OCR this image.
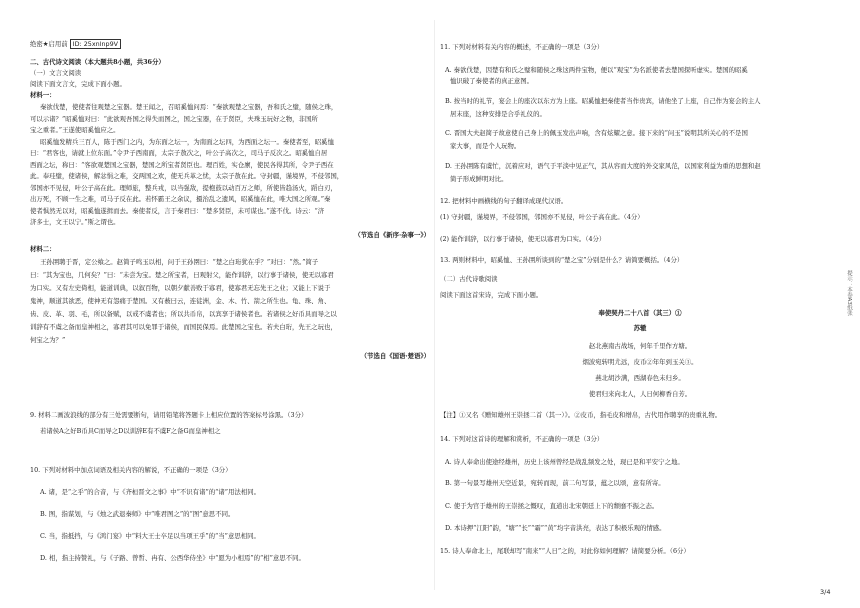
绝密★启用前 ID: 25xnlnp9V
二、古代诗文阅读（本大题共8小题，共36分）
（一）文言文阅读
阅读下面文言文，完成下面小题。
材料一：
秦欲伐楚，使使者往观楚之宝器。楚王闻之，召昭奚恤问焉：“秦欲观楚之宝器，吾和氏之璧，随侯之珠，
可以示诸？”昭奚恤对曰：“此欲观吾国之得失而图之，国之宝器，在于贤臣，夫珠玉玩好之物，非国所
宝之重者。”王遂使昭奚恤应之。
昭奚恤发精兵三百人，陈于西门之内，为东面之坛一，为南面之坛四，为西面之坛一。秦使者至，昭奚恤
曰：“君客也，请就上位东面。”令尹子西南面，太宗子敖次之，叶公子高次之，司马子反次之。昭奚恤自居
西面之坛，称曰：“客欲观楚国之宝器，楚国之所宝者贤臣也。理百姓，实仓廪，使民各得其所，令尹子西在
此。奉珪璧，使诸侯，解忿悁之难，交两国之欢，使无兵革之忧，太宗子敖在此。守封疆，谨境界，不侵邻国，
邻国亦不见侵，叶公子高在此。理师旅，整兵戎，以当强敌，提枹鼓以动百万之师，所使皆趋汤火，蹈白刃，
出万死，不顾一生之难，司马子反在此。若怀霸王之余议，摄治乱之遗风，昭奚恤在此，唯大国之所观。”秦
使者惧然无以对，昭奚恤遂揖而去。秦使者反，言于秦君曰：“楚多贤臣，未可谋也。”遂不伐。诗云：“济
济多士，文王以宁。”斯之谓也。
（节选自《新序·杂事一》）
材料二：
王孙圉聘于晋，定公飨之。赵简子鸣玉以相，问于王孙圉曰：“楚之白珩犹在乎？”对曰：“然。”简子
曰：“其为宝也，几何矣？”曰：“未尝为宝。楚之所宝者，曰观射父，能作训辞，以行事于诸侯，使无以寡君
为口实。又有左史倚相，能道训典，以叙百物，以朝夕献善败于寡君，使寡君无忘先王之业；又能上下说于
鬼神，顺道其欲恶，使神无有怨痛于楚国。又有薮曰云，连徒洲，金、木、竹、箭之所生也。龟、珠、角、
齿、皮、革、羽、毛，所以备赋，以戒不虞者也；所以共币帛，以宾享于诸侯者也。若诸侯之好币具而导之以
训辞有不虞之备而皇神相之，寡君其可以免罪于诸侯，而国民保焉。此楚国之宝也。若夫白珩，先王之玩也，
何宝之为？”
（节选自《国语·楚语》）
9. 材料二画波浪线的部分有三处需要断句，请用铅笔将答题卡上相应位置的答案标号涂黑。（3分）
若诸侯A之好B币具C而导之D以训辞E有不虞F之备G而皇神相之
10. 下列对材料中加点词语及相关内容的解说，不正确的一项是（3分）
A. 诸，是“之乎”的合音，与《齐桓晋文之事》中“不识有诸”的“诸”用法相同。
B. 图，指谋划，与《烛之武退秦师》中“唯君图之”的“图”意思不同。
C. 当，指抵挡，与《鸿门宴》中“料大王士卒足以当项王乎”的“当”意思相同。
D. 相，指主持赞礼，与《子路、曾皙、冉有、公西华侍坐》中“愿为小相焉”的“相”意思不同。
11. 下列对材料有关内容的概述，不正确的一项是（3分）
A. 秦欲伐楚，因楚有和氏之璧和随侯之珠这两件宝物，便以“观宝”为名派使者去楚国探听虚实。楚国的昭奚
恤识破了秦使者的真正意图。
B. 按当时的礼节，宴会上的座次以东方为上座。昭奚恤把秦使者当作贵宾，请他坐了上座，自己作为宴会的主人
居末座，这种安排是合乎礼仪的。
C. 晋国大夫赵简子故意使自己身上的佩玉发出声响，含有炫耀之意。接下来的“问玉”说明其所关心的不是国
家大事，而是个人玩物。
D. 王孙圉陈有虞忙，沉着应对，语气于平淡中见正气，其从容而大度的外交家风范，以国家利益为重的思想和赵
简子形成鲜明对比。
12. 把材料中画横线的句子翻译成现代汉语。
(1) 守封疆，谨境界，不侵邻国，邻国亦不见侵，叶公子高在此。（4分）
(2) 能作训辞，以行事于诸侯，使无以寡君为口实。（4分）
13. 两则材料中，昭奚恤、王孙圉所谈到的“楚之宝”分别是什么？请简要概括。（4分）
（二）古代诗歌阅读
阅读下面这首宋诗，完成下面小题。
奉使契丹二十八首（其三）①
苏辙
赵北燕南古战场，何年千里作方塘。
烟波宛转明尤远，皮币②年年到玉关③。
燕北胡沙满，西湖春色未归乡。
使君归来向北人，人日何柳香自芳。
【注】①又名《赠知雄州王崇拯二首（其一）》。②皮币，指毛皮和缯帛，古代用作聘享的贵重礼物。
14. 下列对这首诗的理解和赏析，不正确的一项是（3分）
A. 诗人奉命出使途经雄州，历史上该州曾经是战乱频发之处，现已是和平安宁之地。
B. 第一句景写雄州天空近景，宛转而现，前二句写景，蕴之以颂，意有所寄。
C. 使于为官于雄州的王崇拯之慨叹，直道出北宋朝廷上下的颓靡不振之态。
D. 本诗押“江阳”韵，“塘”“长”“霜”“黄”均字音洪亮，表达了积极乐观的情感。
15. 诗人奉命北上，尾联却写“南来”“人日”之的，对此你如何理解？请简要分析。（6分）
提示：本卷A3纸张
3/4
